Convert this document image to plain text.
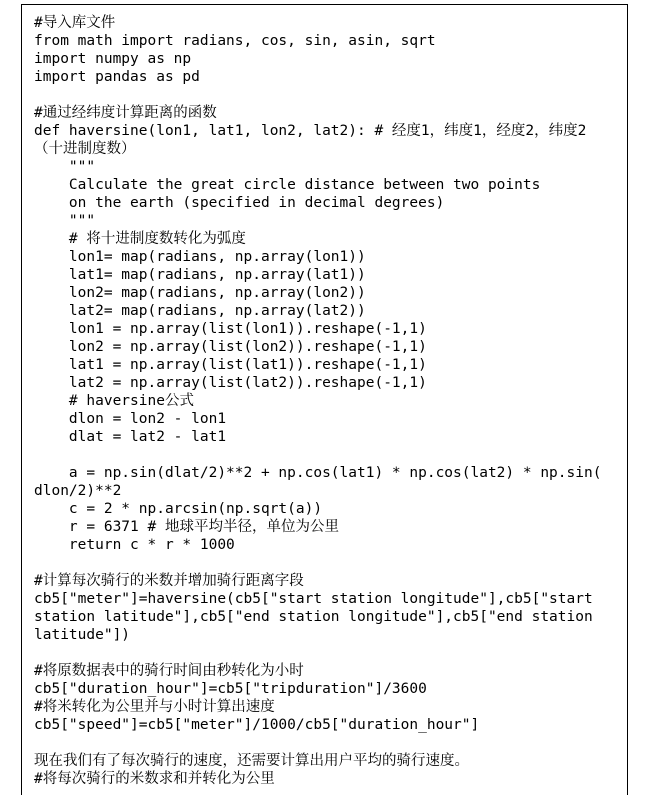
#导入库文件
from math import radians, cos, sin, asin, sqrt
import numpy as np
import pandas as pd
#通过经纬度计算距离的函数
def haversine(lon1, lat1, lon2, lat2): # 经度1，纬度1，经度2，纬度2
（十进制度数）
"""
Calculate the great circle distance between two points
on the earth (specified in decimal degrees)
"""
# 将十进制度数转化为弧度
lon1= map(radians, np.array(lon1))
lat1= map(radians, np.array(lat1))
lon2= map(radians, np.array(lon2))
lat2= map(radians, np.array(lat2))
lon1 = np.array(list(lon1)).reshape(-1,1)
lon2 = np.array(list(lon2)).reshape(-1,1)
lat1 = np.array(list(lat1)).reshape(-1,1)
lat2 = np.array(list(lat2)).reshape(-1,1)
# haversine公式
dlon = lon2 - lon1
dlat = lat2 - lat1
a = np.sin(dlat/2)**2 + np.cos(lat1) * np.cos(lat2) * np.sin(
dlon/2)**2
c = 2 * np.arcsin(np.sqrt(a))
r = 6371 # 地球平均半径，单位为公里
return c * r * 1000
#计算每次骑行的米数并增加骑行距离字段
cb5["meter"]=haversine(cb5["start station longitude"],cb5["start
station latitude"],cb5["end station longitude"],cb5["end station
latitude"])
#将原数据表中的骑行时间由秒转化为小时
cb5["duration_hour"]=cb5["tripduration"]/3600
#将米转化为公里并与小时计算出速度
cb5["speed"]=cb5["meter"]/1000/cb5["duration_hour"]
现在我们有了每次骑行的速度，还需要计算出用户平均的骑行速度。
#将每次骑行的米数求和并转化为公里
